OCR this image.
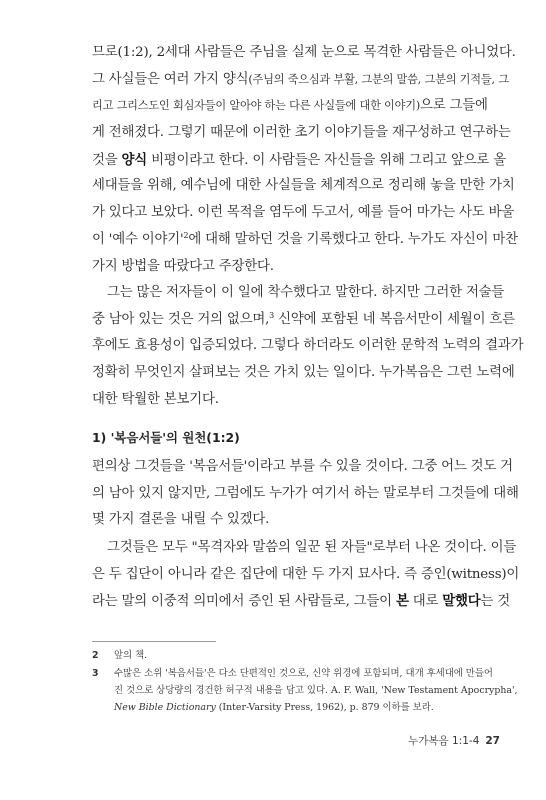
므로(1:2), 2세대 사람들은 주님을 실제 눈으로 목격한 사람들은 아니었다.
그 사실들은 여러 가지 양식(주님의 죽으심과 부활, 그분의 말씀, 그분의 기적들, 그
리고 그리스도인 회심자들이 알아야 하는 다른 사실들에 대한 이야기)으로 그들에
게 전해졌다. 그렇기 때문에 이러한 초기 이야기들을 재구성하고 연구하는
것을 양식 비평이라고 한다. 이 사람들은 자신들을 위해 그리고 앞으로 올
세대들을 위해, 예수님에 대한 사실들을 체계적으로 정리해 놓을 만한 가치
가 있다고 보았다. 이런 목적을 염두에 두고서, 예를 들어 마가는 사도 바울
이 '예수 이야기'$^2$에 대해 말하던 것을 기록했다고 한다. 누가도 자신이 마찬
가지 방법을 따랐다고 주장한다.
그는 많은 저자들이 이 일에 착수했다고 말한다. 하지만 그러한 저술들
중 남아 있는 것은 거의 없으며,$^3$ 신약에 포함된 네 복음서만이 세월이 흐른
후에도 효용성이 입증되었다. 그렇다 하더라도 이러한 문학적 노력의 결과가
정확히 무엇인지 살펴보는 것은 가치 있는 일이다. 누가복음은 그런 노력에
대한 탁월한 본보기다.
1) '복음서들'의 원천(1:2)
편의상 그것들을 '복음서들'이라고 부를 수 있을 것이다. 그중 어느 것도 거
의 남아 있지 않지만, 그럼에도 누가가 여기서 하는 말로부터 그것들에 대해
몇 가지 결론을 내릴 수 있겠다.
그것들은 모두 "목격자와 말씀의 일꾼 된 자들"로부터 나온 것이다. 이들
은 두 집단이 아니라 같은 집단에 대한 두 가지 묘사다. 즉 증인(witness)이
라는 말의 이중적 의미에서 증인 된 사람들로, 그들이 본 대로 말했다는 것
2 앞의 책.
3 수많은 소위 '복음서들'은 다소 단편적인 것으로, 신약 위경에 포함되며, 대개 후세대에 만들어
진 것으로 상당량의 경건한 허구적 내용을 담고 있다. A. F. Wall, 'New Testament Apocrypha',
New Bible Dictionary (Inter-Varsity Press, 1962), p. 879 이하를 보라.
누가복음 1:1-4 27
